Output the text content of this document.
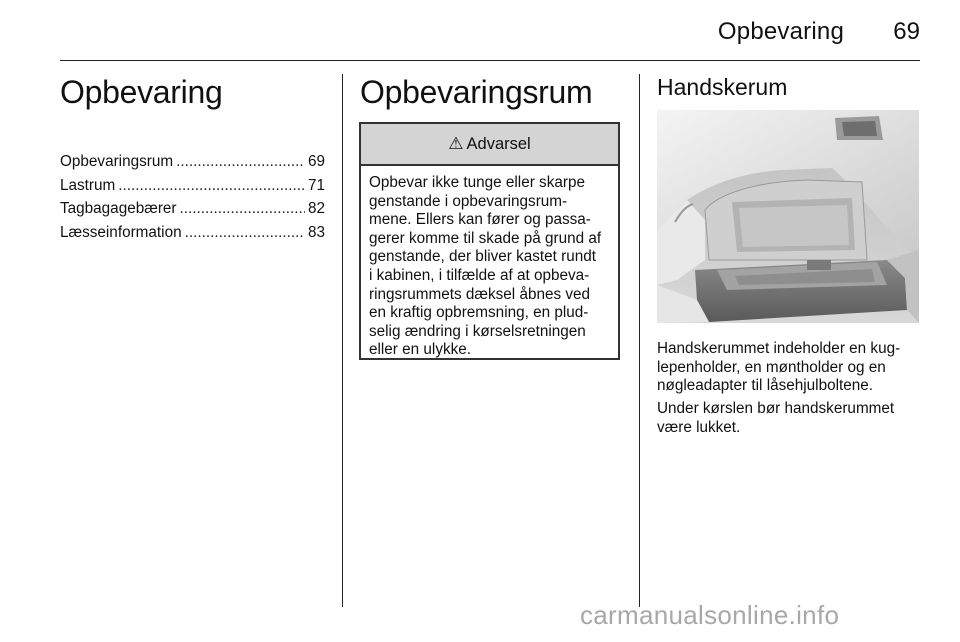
Opbevaring	69
Opbevaring
Opbevaringsrum .....	69
Lastrum .....	71
Tagbagagebærer .....	82
Læsseinformation .....	83
Opbevaringsrum
⚠ Advarsel
Opbevar ikke tunge eller skarpe
genstande i opbevaringsrum-
mene. Ellers kan fører og passa-
gerer komme til skade på grund af
genstande, der bliver kastet rundt
i kabinen, i tilfælde af at opbeva-
ringsrummets dæksel åbnes ved
en kraftig opbremsning, en plud-
selig ændring i kørselsretningen
eller en ulykke.
Handskerum

Handskerummet indeholder en kug-
lepenholder, en møntholder og en
nøgleadapter til låsehjulboltene.

Under kørslen bør handskerummet
være lukket.

carmanualsonline.info
